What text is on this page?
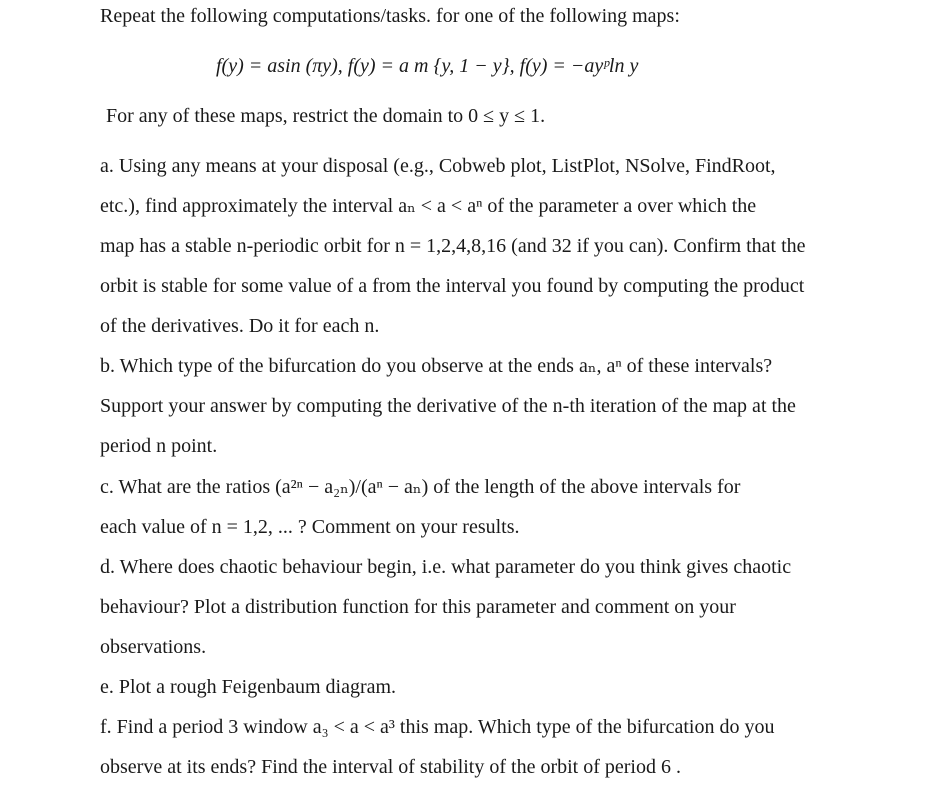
Repeat the following computations/tasks. for one of the following maps:
f(y) = asin (πy), f(y) = a m {y, 1 − y}, f(y) = −ayᵖln y
For any of these maps, restrict the domain to 0 ≤ y ≤ 1.
a. Using any means at your disposal (e.g., Cobweb plot, ListPlot, NSolve, FindRoot,
etc.), find approximately the interval aₙ < a < aⁿ of the parameter a over which the
map has a stable n-periodic orbit for n = 1,2,4,8,16 (and 32 if you can). Confirm that the
orbit is stable for some value of a from the interval you found by computing the product
of the derivatives. Do it for each n.
b. Which type of the bifurcation do you observe at the ends aₙ, aⁿ of these intervals?
Support your answer by computing the derivative of the n-th iteration of the map at the
period n point.
c. What are the ratios (a²ⁿ − a₂ₙ)/(aⁿ − aₙ) of the length of the above intervals for
each value of n = 1,2, ... ? Comment on your results.
d. Where does chaotic behaviour begin, i.e. what parameter do you think gives chaotic
behaviour? Plot a distribution function for this parameter and comment on your
observations.
e. Plot a rough Feigenbaum diagram.
f. Find a period 3 window a₃ < a < a³ this map. Which type of the bifurcation do you
observe at its ends? Find the interval of stability of the orbit of period 6 .
